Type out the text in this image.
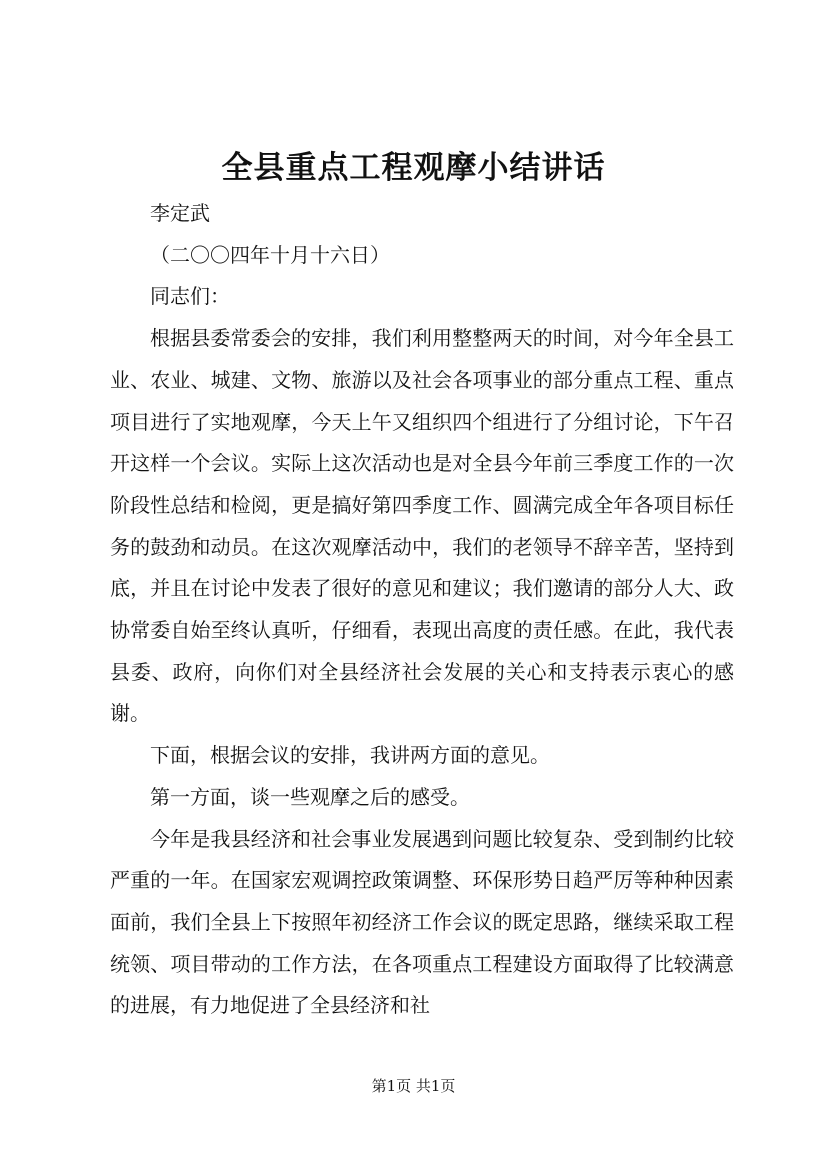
全县重点工程观摩小结讲话

李定武

（二〇〇四年十月十六日）

同志们：

根据县委常委会的安排，我们利用整整两天的时间，对今年全县工业、农业、城建、文物、旅游以及社会各项事业的部分重点工程、重点项目进行了实地观摩，今天上午又组织四个组进行了分组讨论，下午召开这样一个会议。实际上这次活动也是对全县今年前三季度工作的一次阶段性总结和检阅，更是搞好第四季度工作、圆满完成全年各项目标任务的鼓劲和动员。在这次观摩活动中，我们的老领导不辞辛苦，坚持到底，并且在讨论中发表了很好的意见和建议；我们邀请的部分人大、政协常委自始至终认真听，仔细看，表现出高度的责任感。在此，我代表县委、政府，向你们对全县经济社会发展的关心和支持表示衷心的感谢。

下面，根据会议的安排，我讲两方面的意见。

第一方面，谈一些观摩之后的感受。

今年是我县经济和社会事业发展遇到问题比较复杂、受到制约比较严重的一年。在国家宏观调控政策调整、环保形势日趋严厉等种种因素面前，我们全县上下按照年初经济工作会议的既定思路，继续采取工程统领、项目带动的工作方法，在各项重点工程建设方面取得了比较满意的进展，有力地促进了全县经济和社

第1页 共1页
